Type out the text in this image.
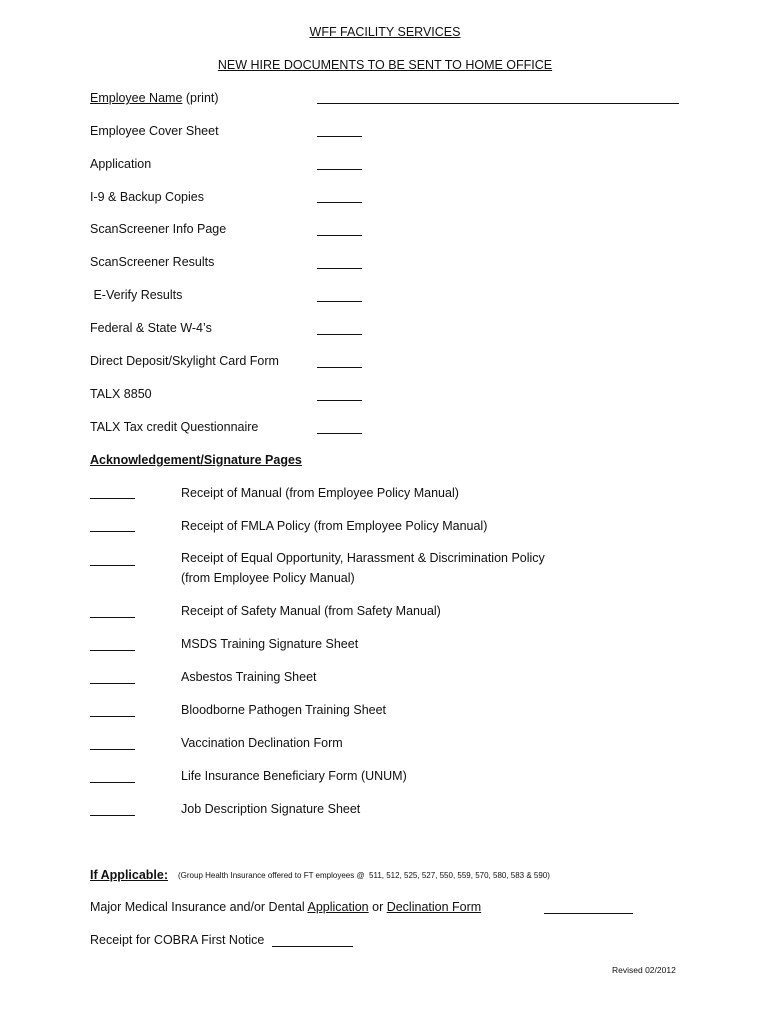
WFF FACILITY SERVICES
NEW HIRE DOCUMENTS TO BE SENT TO HOME OFFICE
Employee Name (print)
Employee Cover Sheet
Application
I-9 & Backup Copies
ScanScreener Info Page
ScanScreener Results
E-Verify Results
Federal & State W-4’s
Direct Deposit/Skylight Card Form
TALX 8850
TALX Tax credit Questionnaire
Acknowledgement/Signature Pages
Receipt of Manual (from Employee Policy Manual)
Receipt of FMLA Policy (from Employee Policy Manual)
Receipt of Equal Opportunity, Harassment & Discrimination Policy
(from Employee Policy Manual)
Receipt of Safety Manual (from Safety Manual)
MSDS Training Signature Sheet
Asbestos Training Sheet
Bloodborne Pathogen Training Sheet
Vaccination Declination Form
Life Insurance Beneficiary Form (UNUM)
Job Description Signature Sheet
If Applicable: (Group Health Insurance offered to FT employees @  511, 512, 525, 527, 550, 559, 570, 580, 583 & 590)
Major Medical Insurance and/or Dental Application or Declination Form
Receipt for COBRA First Notice
Revised 02/2012
